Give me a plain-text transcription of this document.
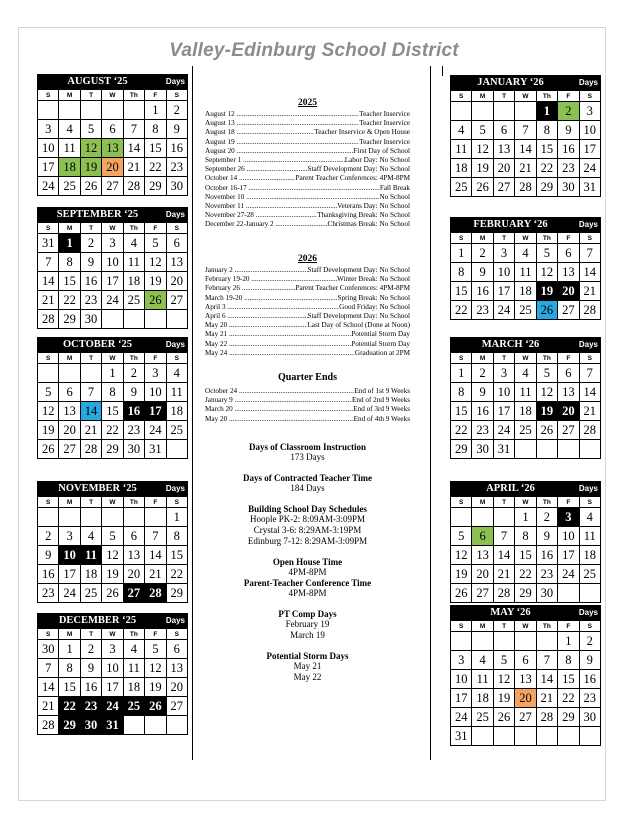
Valley-Edinburg School District
AUGUST ‘25	Days
S	M	T	W	Th	F	S
					1	2
3	4	5	6	7	8	9
10	11	12	13	14	15	16
17	18	19	20	21	22	23
24	25	26	27	28	29	30
SEPTEMBER ‘25	Days
S	M	T	W	Th	F	S
31	1	2	3	4	5	6
7	8	9	10	11	12	13
14	15	16	17	18	19	20
21	22	23	24	25	26	27
28	29	30				
OCTOBER ‘25	Days
S	M	T	W	Th	F	S
			1	2	3	4
5	6	7	8	9	10	11
12	13	14	15	16	17	18
19	20	21	22	23	24	25
26	27	28	29	30	31	
NOVEMBER ‘25	Days
S	M	T	W	Th	F	S
						1
2	3	4	5	6	7	8
9	10	11	12	13	14	15
16	17	18	19	20	21	22
23	24	25	26	27	28	29
DECEMBER ‘25	Days
S	M	T	W	Th	F	S
30	1	2	3	4	5	6
7	8	9	10	11	12	13
14	15	16	17	18	19	20
21	22	23	24	25	26	27
28	29	30	31			
JANUARY ‘26	Days
S	M	T	W	Th	F	S
				1	2	3
4	5	6	7	8	9	10
11	12	13	14	15	16	17
18	19	20	21	22	23	24
25	26	27	28	29	30	31
FEBRUARY ‘26	Days
S	M	T	W	Th	F	S
1	2	3	4	5	6	7
8	9	10	11	12	13	14
15	16	17	18	19	20	21
22	23	24	25	26	27	28
MARCH ‘26	Days
S	M	T	W	Th	F	S
1	2	3	4	5	6	7
8	9	10	11	12	13	14
15	16	17	18	19	20	21
22	23	24	25	26	27	28
29	30	31				
APRIL ‘26	Days
S	M	T	W	Th	F	S
			1	2	3	4
5	6	7	8	9	10	11
12	13	14	15	16	17	18
19	20	21	22	23	24	25
26	27	28	29	30		
MAY ‘26	Days
S	M	T	W	Th	F	S
					1	2
3	4	5	6	7	8	9
10	11	12	13	14	15	16
17	18	19	20	21	22	23
24	25	26	27	28	29	30
31						

2025

August 12 .....	Teacher Inservice
August 13 .....	Teacher Inservice
August 18 .....	Teacher Inservice & Open House
August 19 .....	Teacher Inservice
August 20 .....	First Day of School
September 1 .....	Labor Day: No School
September 26 .....	Staff Development Day: No School
October 14 .....	Parent Teacher Conferences: 4PM-8PM
October 16-17 .....	Fall Break
November 10 .....	No School
November 11 .....	Veterans Day: No School
November 27-28 .....	Thanksgiving Break: No School
December 22-January 2 .....	Christmas Break: No School

2026

January 2 .....	Staff Development Day: No School
February 19-20 .....	Winter Break: No School
February 26 .....	Parent Teacher Conferences: 4PM-8PM
March 19-20 .....	Spring Break: No School
April 3 .....	Good Friday: No School
April 6 .....	Staff Development Day: No School
May 20 .....	Last Day of School (Done at Noon)
May 21 .....	Potential Storm Day
May 22 .....	Potential Storm Day
May 24 .....	Graduation at 2PM
Quarter Ends
October 24 .....	End of 1st 9 Weeks
January 9 .....	End of 2nd 9 Weeks
March 20 .....	End of 3rd 9 Weeks
May 20 .....	End of 4th 9 Weeks
Days of Classroom Instruction
173 Days
Days of Contracted Teacher Time
184 Days
Building School Day Schedules
Hoople PK-2: 8:09AM-3:09PM
Crystal 3-6: 8:29AM-3:19PM
Edinburg 7-12: 8:29AM-3:09PM
Open House Time
4PM-8PM
Parent-Teacher Conference Time
4PM-8PM
PT Comp Days
February 19
March 19
Potential Storm Days
May 21
May 22
